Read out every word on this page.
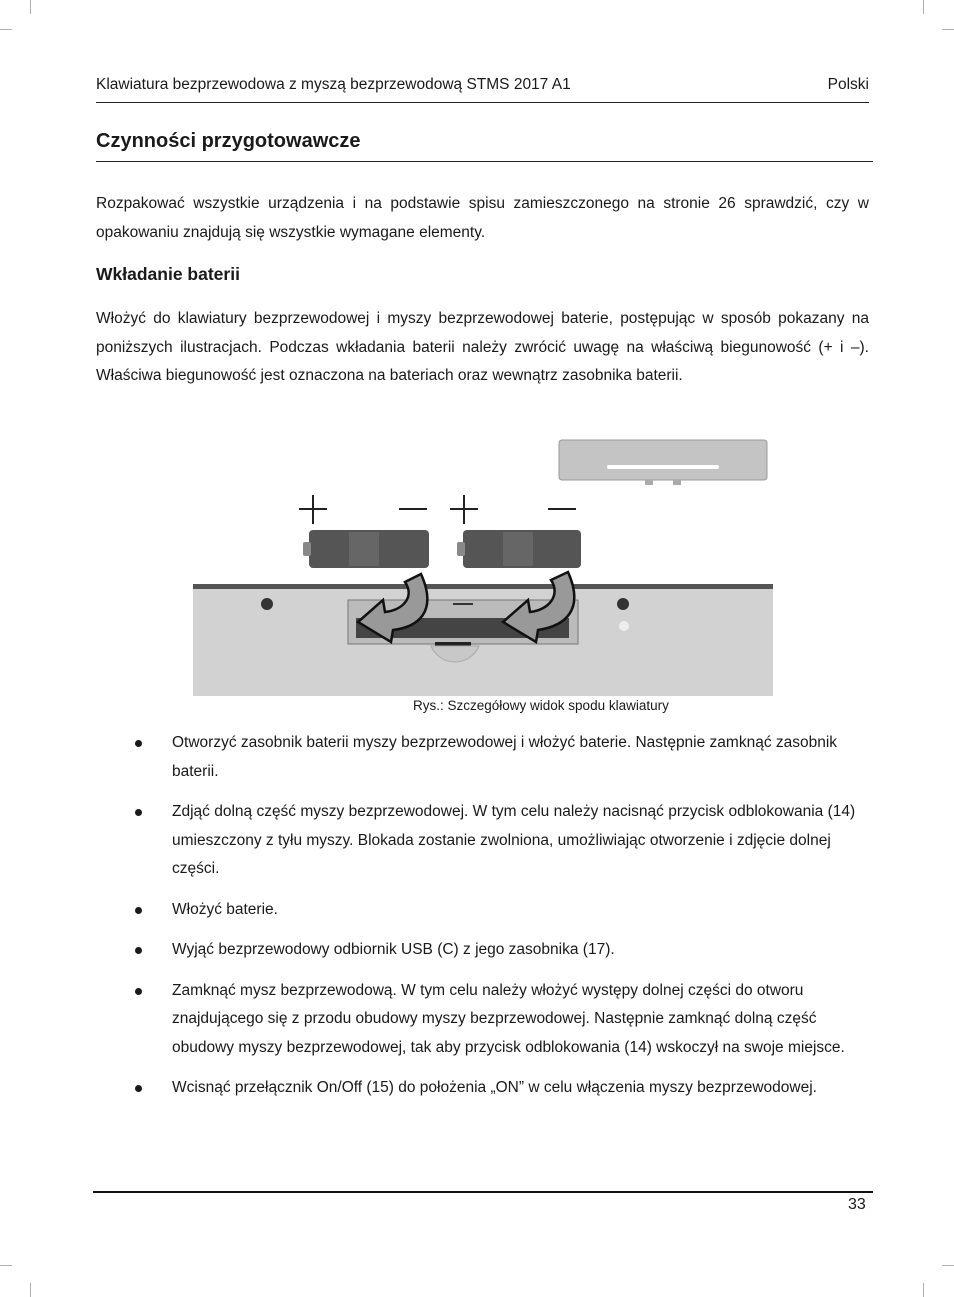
Klawiatura bezprzewodowa z myszą bezprzewodową STMS 2017 A1	Polski
Czynności przygotowawcze

Rozpakować wszystkie urządzenia i na podstawie spisu zamieszczonego na stronie 26 sprawdzić, czy w opakowaniu znajdują się wszystkie wymagane elementy.

Wkładanie baterii

Włożyć do klawiatury bezprzewodowej i myszy bezprzewodowej baterie, postępując w sposób pokazany na poniższych ilustracjach. Podczas wkładania baterii należy zwrócić uwagę na właściwą biegunowość (+ i –). Właściwa biegunowość jest oznaczona na bateriach oraz wewnątrz zasobnika baterii.

Rys.: Szczegółowy widok spodu klawiatury
Otworzyć zasobnik baterii myszy bezprzewodowej i włożyć baterie. Następnie zamknąć zasobnik baterii.
Zdjąć dolną część myszy bezprzewodowej. W tym celu należy nacisnąć przycisk odblokowania (14) umieszczony z tyłu myszy. Blokada zostanie zwolniona, umożliwiając otworzenie i zdjęcie dolnej części.
Włożyć baterie.
Wyjąć bezprzewodowy odbiornik USB (C) z jego zasobnika (17).
Zamknąć mysz bezprzewodową. W tym celu należy włożyć występy dolnej części do otworu znajdującego się z przodu obudowy myszy bezprzewodowej. Następnie zamknąć dolną część obudowy myszy bezprzewodowej, tak aby przycisk odblokowania (14) wskoczył na swoje miejsce.
Wcisnąć przełącznik On/Off (15) do położenia „ON” w celu włączenia myszy bezprzewodowej.
33
